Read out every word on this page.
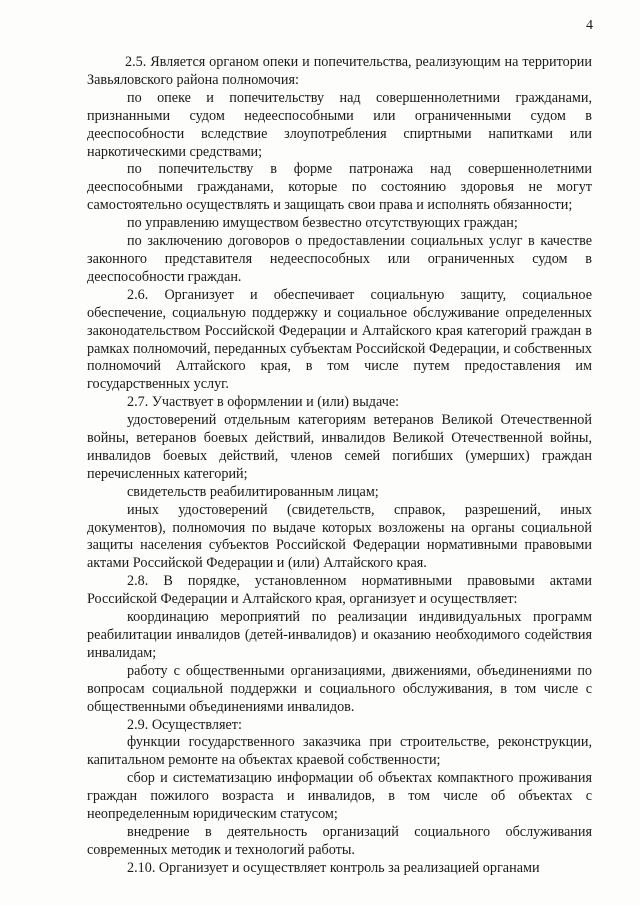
4

2.5. Является органом опеки и попечительства, реализующим на территории Завьяловского района полномочия:

по опеке и попечительству над совершеннолетними гражданами, признанными судом недееспособными или ограниченными судом в дееспособности вследствие злоупотребления спиртными напитками или наркотическими средствами;

по попечительству в форме патронажа над совершеннолетними дееспособными гражданами, которые по состоянию здоровья не могут самостоятельно осуществлять и защищать свои права и исполнять обязанности;

по управлению имуществом безвестно отсутствующих граждан;

по заключению договоров о предоставлении социальных услуг в качестве законного представителя недееспособных или ограниченных судом в дееспособности граждан.

2.6. Организует и обеспечивает социальную защиту, социальное обеспечение, социальную поддержку и социальное обслуживание определенных законодательством Российской Федерации и Алтайского края категорий граждан в рамках полномочий, переданных субъектам Российской Федерации, и собственных полномочий Алтайского края, в том числе путем предоставления им государственных услуг.

2.7. Участвует в оформлении и (или) выдаче:

удостоверений отдельным категориям ветеранов Великой Отечественной войны, ветеранов боевых действий, инвалидов Великой Отечественной войны, инвалидов боевых действий, членов семей погибших (умерших) граждан перечисленных категорий;

свидетельств реабилитированным лицам;

иных удостоверений (свидетельств, справок, разрешений, иных документов), полномочия по выдаче которых возложены на органы социальной защиты населения субъектов Российской Федерации нормативными правовыми актами Российской Федерации и (или) Алтайского края.

2.8. В порядке, установленном нормативными правовыми актами Российской Федерации и Алтайского края, организует и осуществляет:

координацию мероприятий по реализации индивидуальных программ реабилитации инвалидов (детей-инвалидов) и оказанию необходимого содействия инвалидам;

работу с общественными организациями, движениями, объединениями по вопросам социальной поддержки и социального обслуживания, в том числе с общественными объединениями инвалидов.

2.9. Осуществляет:

функции государственного заказчика при строительстве, реконструкции, капитальном ремонте на объектах краевой собственности;

сбор и систематизацию информации об объектах компактного проживания граждан пожилого возраста и инвалидов, в том числе об объектах с неопределенным юридическим статусом;

внедрение в деятельность организаций социального обслуживания современных методик и технологий работы.

2.10. Организует и осуществляет контроль за реализацией органами
